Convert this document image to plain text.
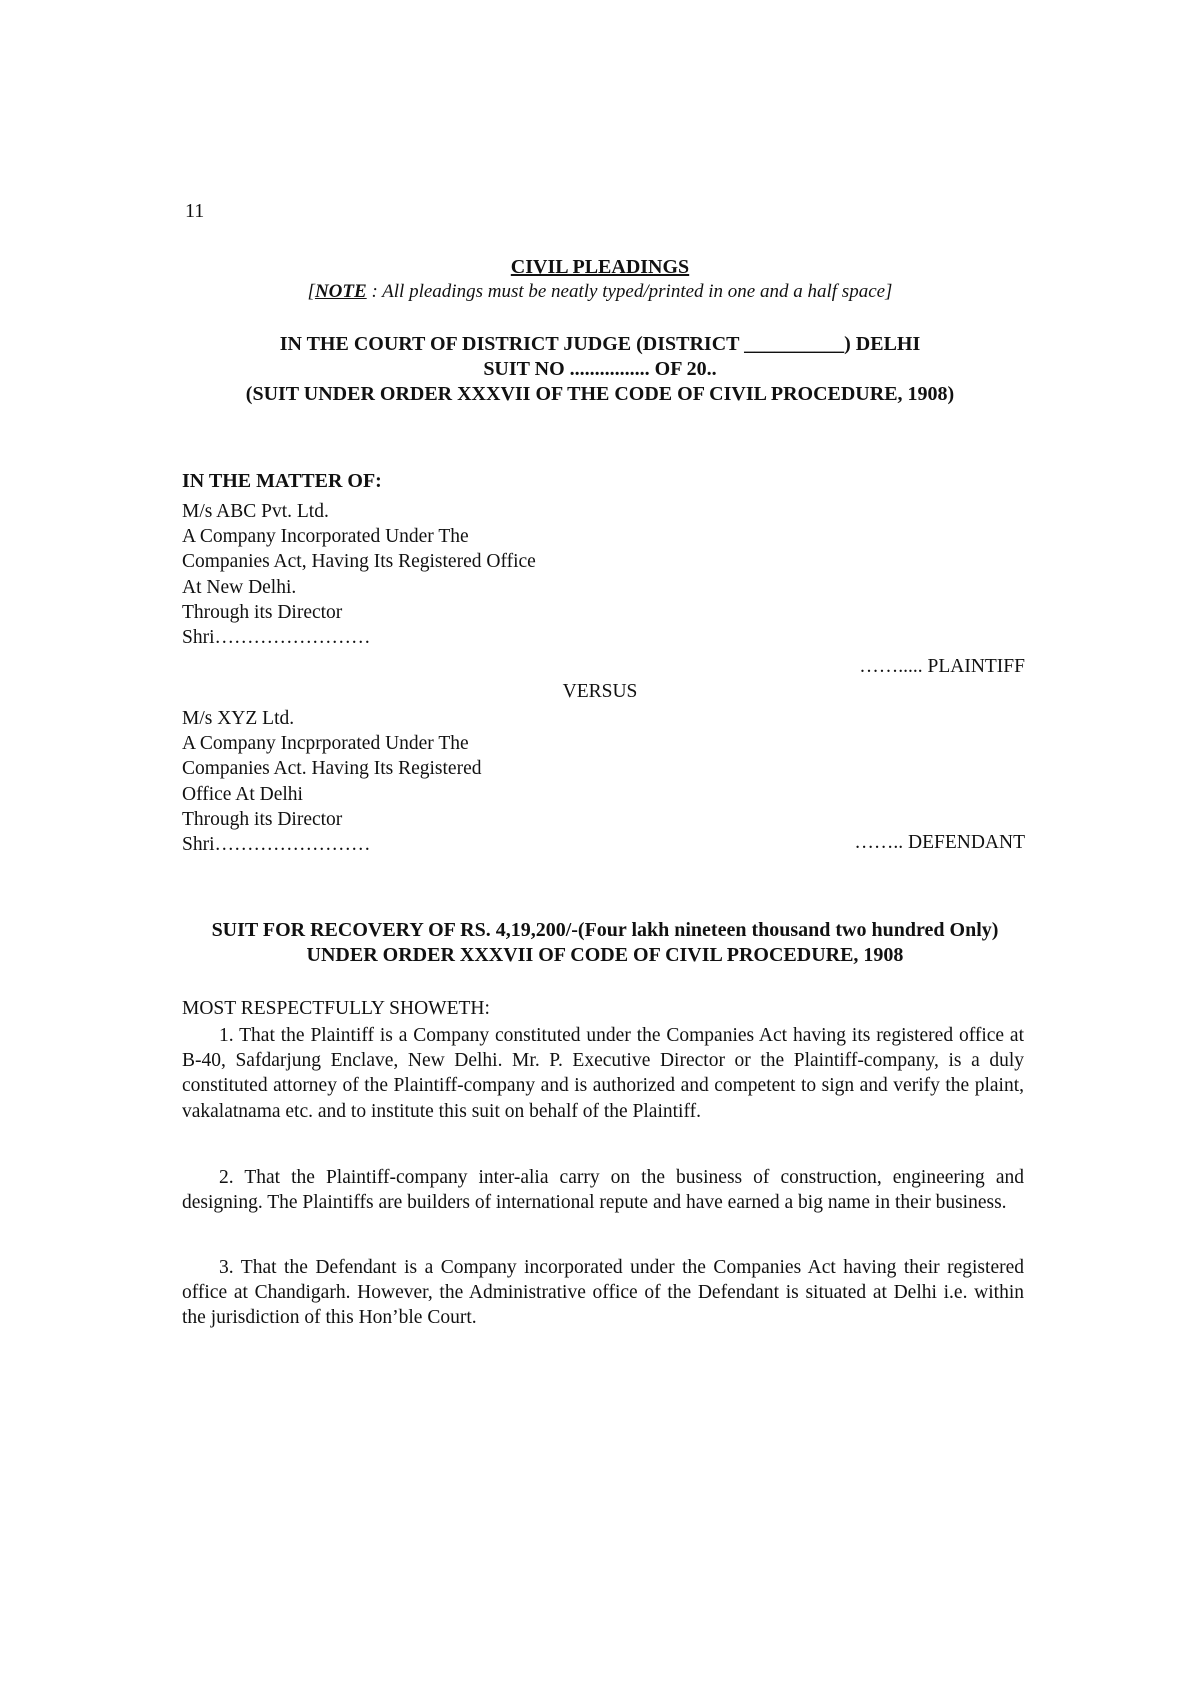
11
CIVIL PLEADINGS
[NOTE : All pleadings must be neatly typed/printed in one and a half space]
IN THE COURT OF DISTRICT JUDGE (DISTRICT __________) DELHI
SUIT NO ................ OF 20..
(SUIT UNDER ORDER XXXVII OF THE CODE OF CIVIL PROCEDURE, 1908)
IN THE MATTER OF:
M/s ABC Pvt. Ltd.
A Company Incorporated Under The
Companies Act, Having Its Registered Office
At New Delhi.
Through its Director
Shri……………………
……..... PLAINTIFF
VERSUS
M/s XYZ Ltd.
A Company Incprporated Under The
Companies Act. Having Its Registered
Office At Delhi
Through its Director
Shri……………………	…….. DEFENDANT
SUIT FOR RECOVERY OF RS. 4,19,200/-(Four lakh nineteen thousand two hundred Only) UNDER ORDER XXXVII OF CODE OF CIVIL PROCEDURE, 1908
MOST RESPECTFULLY SHOWETH:
1. That the Plaintiff is a Company constituted under the Companies Act having its registered office at B-40, Safdarjung Enclave, New Delhi. Mr. P. Executive Director or the Plaintiff-company, is a duly constituted attorney of the Plaintiff-company and is authorized and competent to sign and verify the plaint, vakalatnama etc. and to institute this suit on behalf of the Plaintiff.
2. That the Plaintiff-company inter-alia carry on the business of construction, engineering and designing. The Plaintiffs are builders of international repute and have earned a big name in their business.
3. That the Defendant is a Company incorporated under the Companies Act having their registered office at Chandigarh. However, the Administrative office of the Defendant is situated at Delhi i.e. within the jurisdiction of this Hon’ble Court.
